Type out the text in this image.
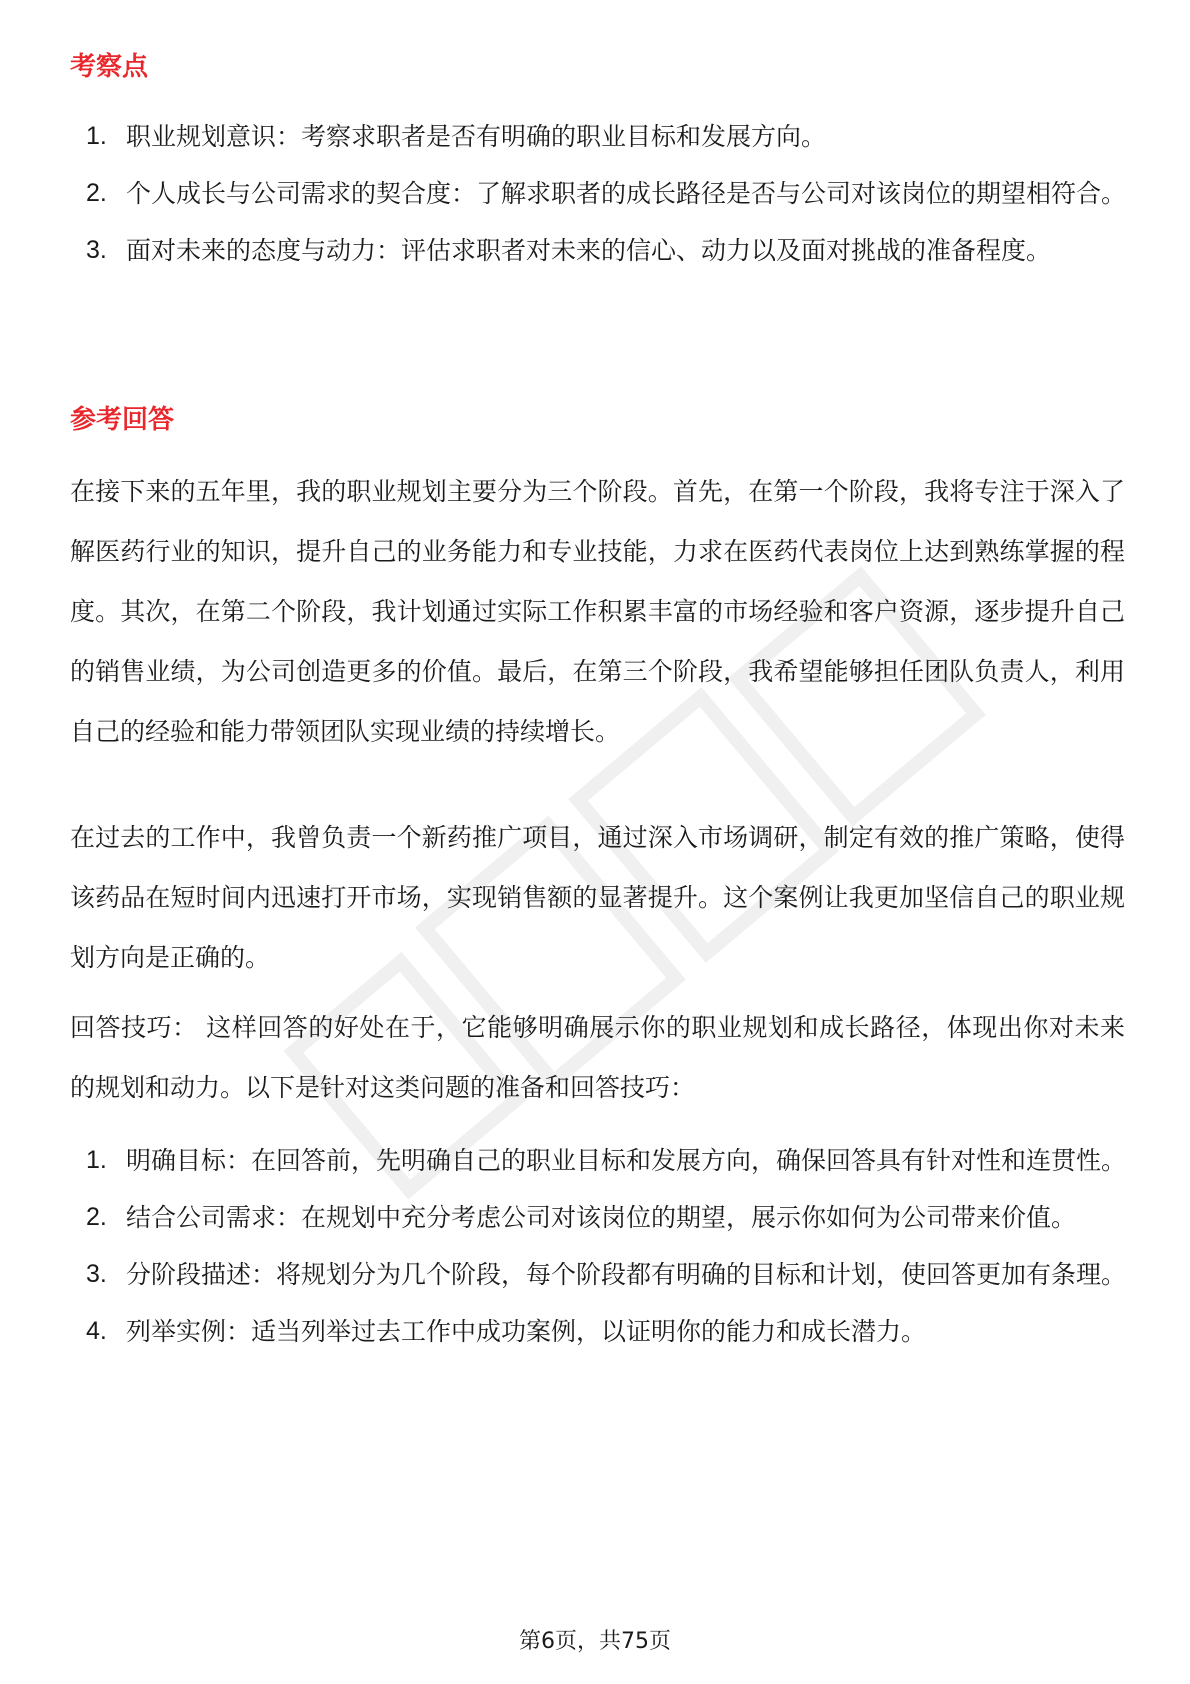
考察点
1. 职业规划意识：考察求职者是否有明确的职业目标和发展方向。
2. 个人成长与公司需求的契合度：了解求职者的成长路径是否与公司对该岗位的期望相符合。
3. 面对未来的态度与动力：评估求职者对未来的信心、动力以及面对挑战的准备程度。
参考回答

在接下来的五年里，我的职业规划主要分为三个阶段。首先，在第一个阶段，我将专注于深入了解医药行业的知识，提升自己的业务能力和专业技能，力求在医药代表岗位上达到熟练掌握的程度。其次，在第二个阶段，我计划通过实际工作积累丰富的市场经验和客户资源，逐步提升自己的销售业绩，为公司创造更多的价值。最后，在第三个阶段，我希望能够担任团队负责人，利用自己的经验和能力带领团队实现业绩的持续增长。

在过去的工作中，我曾负责一个新药推广项目，通过深入市场调研，制定有效的推广策略，使得该药品在短时间内迅速打开市场，实现销售额的显著提升。这个案例让我更加坚信自己的职业规划方向是正确的。

回答技巧： 这样回答的好处在于，它能够明确展示你的职业规划和成长路径，体现出你对未来的规划和动力。以下是针对这类问题的准备和回答技巧：

1. 明确目标：在回答前，先明确自己的职业目标和发展方向，确保回答具有针对性和连贯性。
2. 结合公司需求：在规划中充分考虑公司对该岗位的期望，展示你如何为公司带来价值。
3. 分阶段描述：将规划分为几个阶段，每个阶段都有明确的目标和计划，使回答更加有条理。
4. 列举实例：适当列举过去工作中成功案例，以证明你的能力和成长潜力。
第6页，共75页
